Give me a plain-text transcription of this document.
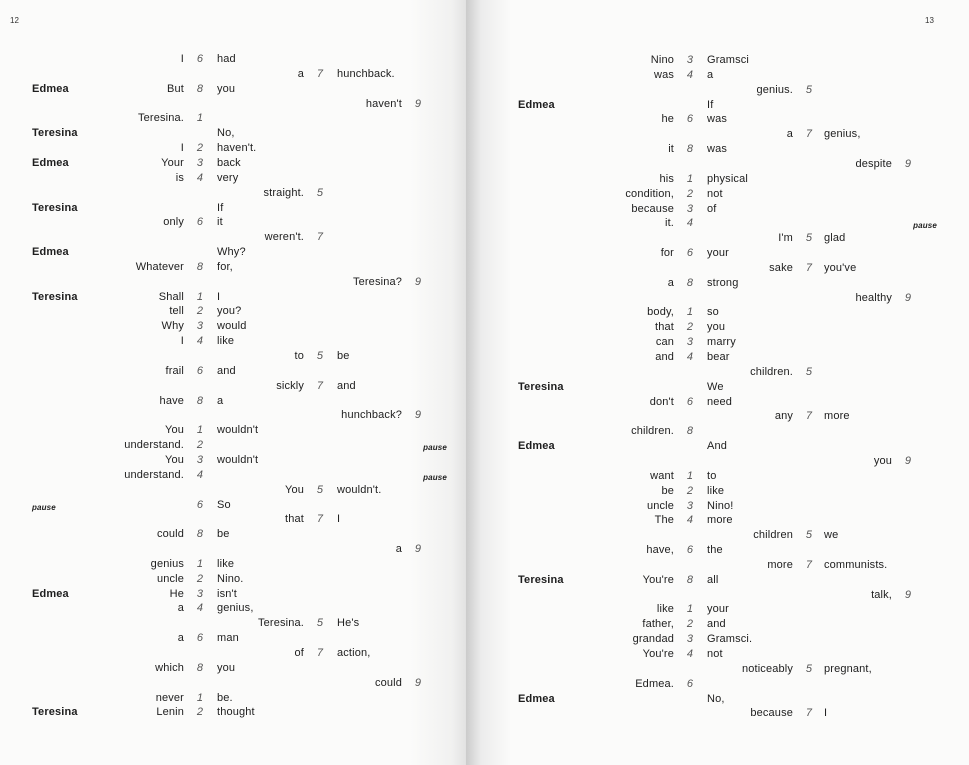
12
I 6 had
a 7 hunchback.
Edmea	But 8 you
haven't 9
Teresina. 1
Teresina	No,
I 2 haven't.
Edmea	Your 3 back
is 4 very
straight. 5
Teresina	If
only 6 it
weren't. 7
Edmea	Why?
Whatever 8 for,
Teresina? 9
Teresina	Shall 1 I
tell 2 you?
Why 3 would
I 4 like
to 5 be
frail 6 and
sickly 7 and
have 8 a
hunchback? 9
You 1 wouldn't
understand. 2	pause
You 3 wouldn't
understand. 4	pause
You 5 wouldn't.
pause	6 So
that 7 I
could 8 be
a 9
genius 1 like
uncle 2 Nino.
Edmea	He 3 isn't
a 4 genius,
Teresina. 5 He's
a 6 man
of 7 action,
which 8 you
could 9
never 1 be.
Teresina	Lenin 2 thought
13
Nino 3 Gramsci
was 4 a
genius. 5
Edmea	If
he 6 was
a 7 genius,
it 8 was
despite 9
his 1 physical
condition, 2 not
because 3 of
it. 4	pause
I'm 5 glad
for 6 your
sake 7 you've
a 8 strong
healthy 9
body, 1 so
that 2 you
can 3 marry
and 4 bear
children. 5
Teresina	We
don't 6 need
any 7 more
children. 8
Edmea	And
you 9
want 1 to
be 2 like
uncle 3 Nino!
The 4 more
children 5 we
have, 6 the
more 7 communists.
Teresina	You're 8 all
talk, 9
like 1 your
father, 2 and
grandad 3 Gramsci.
You're 4 not
noticeably 5 pregnant,
Edmea. 6
Edmea	No,
because 7 I
